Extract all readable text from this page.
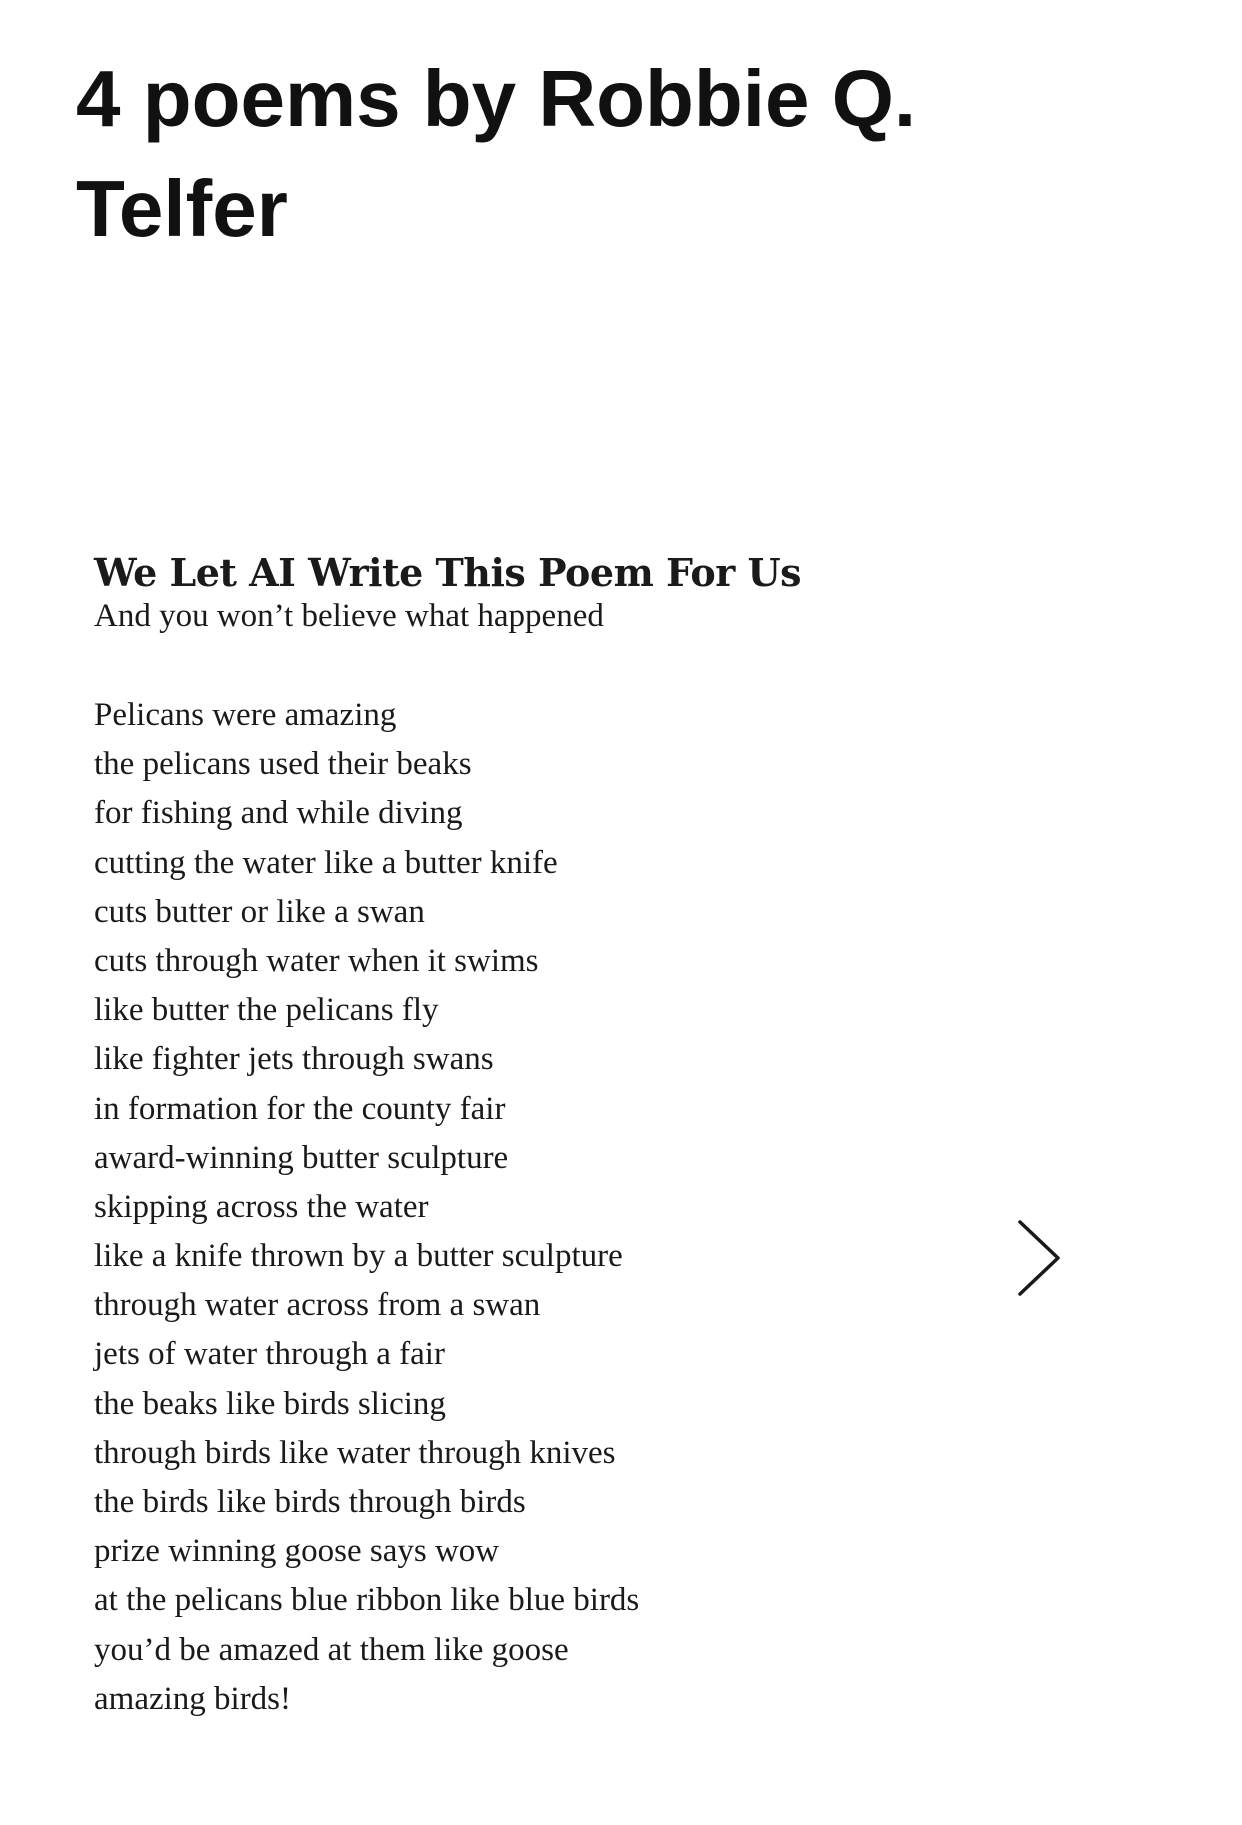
4 poems by Robbie Q. Telfer
We Let AI Write This Poem For Us

And you won’t believe what happened

Pelicans were amazing
the pelicans used their beaks
for fishing and while diving
cutting the water like a butter knife
cuts butter or like a swan
cuts through water when it swims
like butter the pelicans fly
like fighter jets through swans
in formation for the county fair
award-winning butter sculpture
skipping across the water
like a knife thrown by a butter sculpture
through water across from a swan
jets of water through a fair
the beaks like birds slicing
through birds like water through knives
the birds like birds through birds
prize winning goose says wow
at the pelicans blue ribbon like blue birds
you’d be amazed at them like goose
amazing birds!
